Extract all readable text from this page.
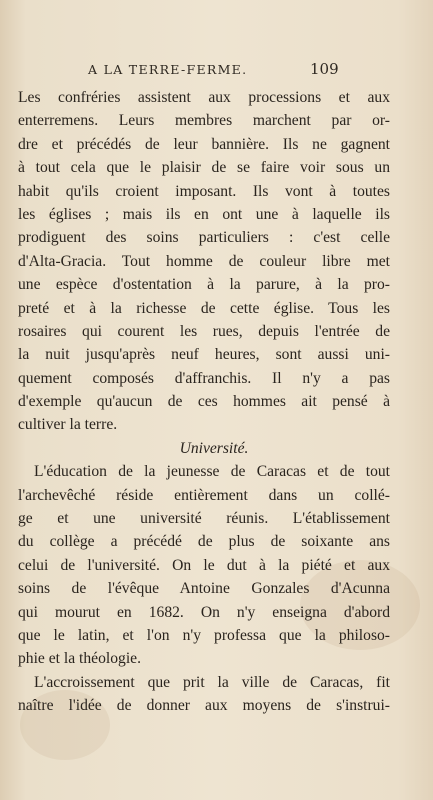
A LA TERRE-FERME.	109
Les confréries assistent aux processions et aux
enterremens. Leurs membres marchent par or-
dre et précédés de leur bannière. Ils ne gagnent
à tout cela que le plaisir de se faire voir sous un
habit qu'ils croient imposant. Ils vont à toutes
les églises ; mais ils en ont une à laquelle ils
prodiguent des soins particuliers : c'est celle
d'Alta-Gracia. Tout homme de couleur libre met
une espèce d'ostentation à la parure, à la pro-
preté et à la richesse de cette église. Tous les
rosaires qui courent les rues, depuis l'entrée de
la nuit jusqu'après neuf heures, sont aussi uni-
quement composés d'affranchis. Il n'y a pas
d'exemple qu'aucun de ces hommes ait pensé à
cultiver la terre.
Université.
L'éducation de la jeunesse de Caracas et de tout
l'archevêché réside entièrement dans un collé-
ge et une université réunis. L'établissement
du collège a précédé de plus de soixante ans
celui de l'université. On le dut à la piété et aux
soins de l'évêque Antoine Gonzales d'Acunna
qui mourut en 1682. On n'y enseigna d'abord
que le latin, et l'on n'y professa que la philoso-
phie et la théologie.
L'accroissement que prit la ville de Caracas, fit
naître l'idée de donner aux moyens de s'instrui-
